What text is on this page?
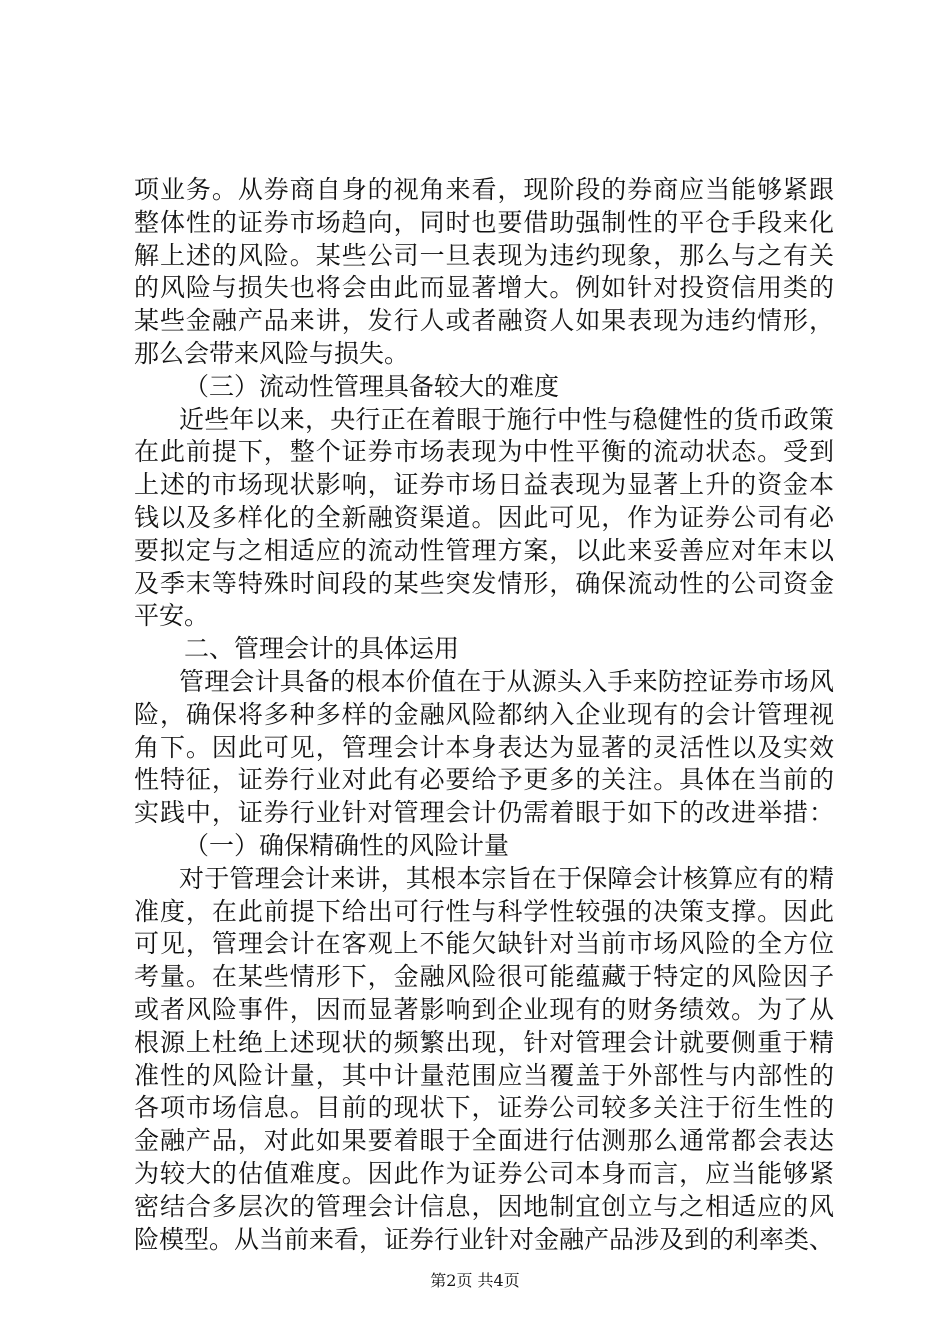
项业务。从券商自身的视角来看，现阶段的券商应当能够紧跟
整体性的证券市场趋向，同时也要借助强制性的平仓手段来化
解上述的风险。某些公司一旦表现为违约现象，那么与之有关
的风险与损失也将会由此而显著增大。例如针对投资信用类的
某些金融产品来讲，发行人或者融资人如果表现为违约情形，
那么会带来风险与损失。
（三）流动性管理具备较大的难度
近些年以来，央行正在着眼于施行中性与稳健性的货币政策
在此前提下，整个证券市场表现为中性平衡的流动状态。受到
上述的市场现状影响，证券市场日益表现为显著上升的资金本
钱以及多样化的全新融资渠道。因此可见，作为证券公司有必
要拟定与之相适应的流动性管理方案，以此来妥善应对年末以
及季末等特殊时间段的某些突发情形，确保流动性的公司资金
平安。
二、管理会计的具体运用
管理会计具备的根本价值在于从源头入手来防控证券市场风
险，确保将多种多样的金融风险都纳入企业现有的会计管理视
角下。因此可见，管理会计本身表达为显著的灵活性以及实效
性特征，证券行业对此有必要给予更多的关注。具体在当前的
实践中，证券行业针对管理会计仍需着眼于如下的改进举措：
（一）确保精确性的风险计量
对于管理会计来讲，其根本宗旨在于保障会计核算应有的精
准度，在此前提下给出可行性与科学性较强的决策支撑。因此
可见，管理会计在客观上不能欠缺针对当前市场风险的全方位
考量。在某些情形下，金融风险很可能蕴藏于特定的风险因子
或者风险事件，因而显著影响到企业现有的财务绩效。为了从
根源上杜绝上述现状的频繁出现，针对管理会计就要侧重于精
准性的风险计量，其中计量范围应当覆盖于外部性与内部性的
各项市场信息。目前的现状下，证券公司较多关注于衍生性的
金融产品，对此如果要着眼于全面进行估测那么通常都会表达
为较大的估值难度。因此作为证券公司本身而言，应当能够紧
密结合多层次的管理会计信息，因地制宜创立与之相适应的风
险模型。从当前来看，证券行业针对金融产品涉及到的利率类、
第2页 共4页
